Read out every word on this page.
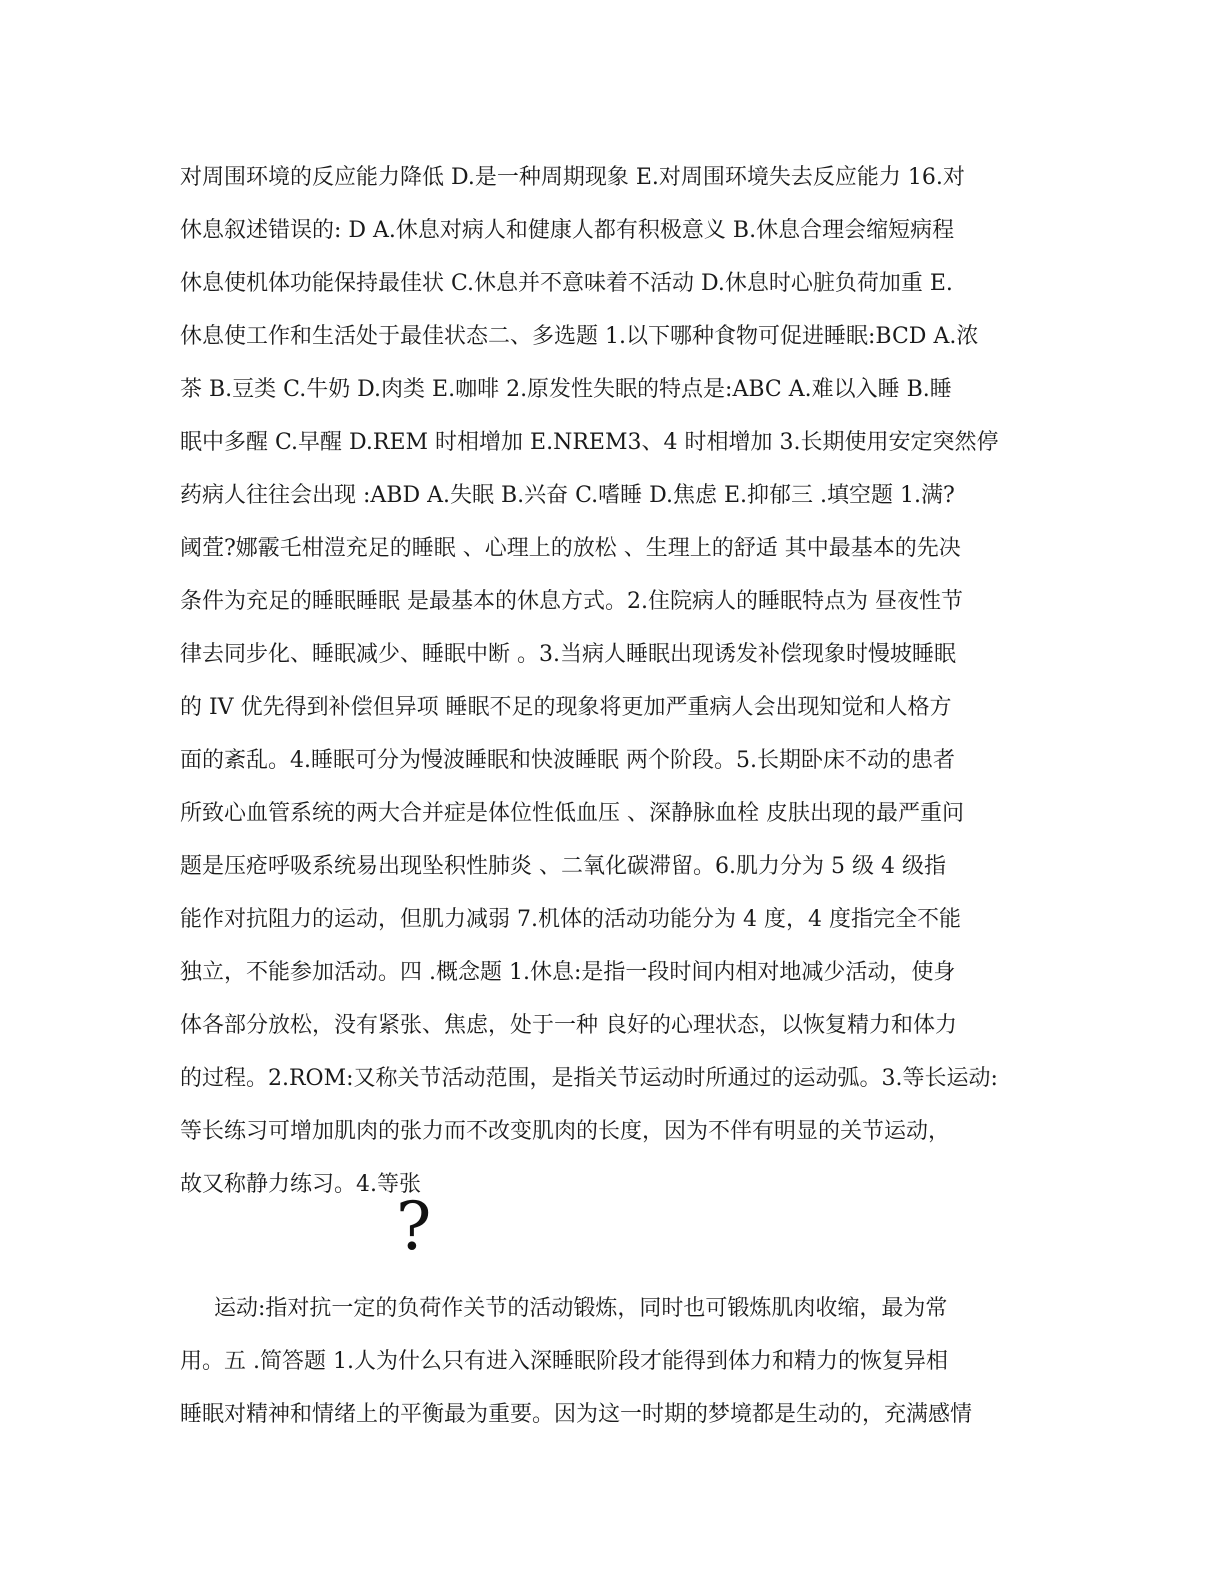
对周围环境的反应能力降低 D.是一种周期现象 E.对周围环境失去反应能力 16.对
休息叙述错误的: D A.休息对病人和健康人都有积极意义 B.休息合理会缩短病程
休息使机体功能保持最佳状 C.休息并不意味着不活动 D.休息时心脏负荷加重 E.
休息使工作和生活处于最佳状态二、多选题 1.以下哪种食物可促进睡眠:BCD A.浓
茶 B.豆类 C.牛奶 D.肉类 E.咖啡 2.原发性失眠的特点是:ABC A.难以入睡 B.睡
眠中多醒 C.早醒 D.REM 时相增加 E.NREM3、4 时相增加 3.长期使用安定突然停
药病人往往会出现 :ABD A.失眠 B.兴奋 C.嗜睡 D.焦虑 E.抑郁三 .填空题 1.满?
阈萓?娜霰乇柑溰充足的睡眠 、心理上的放松 、生理上的舒适 其中最基本的先决
条件为充足的睡眠睡眠 是最基本的休息方式。2.住院病人的睡眠特点为 昼夜性节
律去同步化、睡眠减少、睡眠中断 。3.当病人睡眠出现诱发补偿现象时慢坡睡眠
的 IV 优先得到补偿但异项 睡眠不足的现象将更加严重病人会出现知觉和人格方
面的紊乱。4.睡眠可分为慢波睡眠和快波睡眠 两个阶段。5.长期卧床不动的患者
所致心血管系统的两大合并症是体位性低血压 、深静脉血栓 皮肤出现的最严重问
题是压疮呼吸系统易出现坠积性肺炎 、二氧化碳滞留。6.肌力分为 5 级 4 级指
能作对抗阻力的运动，但肌力减弱 7.机体的活动功能分为 4 度，4 度指完全不能
独立，不能参加活动。四 .概念题 1.休息:是指一段时间内相对地减少活动，使身
体各部分放松，没有紧张、焦虑，处于一种 良好的心理状态，以恢复精力和体力
的过程。2.ROM:又称关节活动范围，是指关节运动时所通过的运动弧。3.等长运动:
等长练习可增加肌肉的张力而不改变肌肉的长度，因为不伴有明显的关节运动，
故又称静力练习。4.等张
?
运动:指对抗一定的负荷作关节的活动锻炼，同时也可锻炼肌肉收缩，最为常
用。五 .简答题 1.人为什么只有进入深睡眠阶段才能得到体力和精力的恢复异相
睡眠对精神和情绪上的平衡最为重要。因为这一时期的梦境都是生动的，充满感情
